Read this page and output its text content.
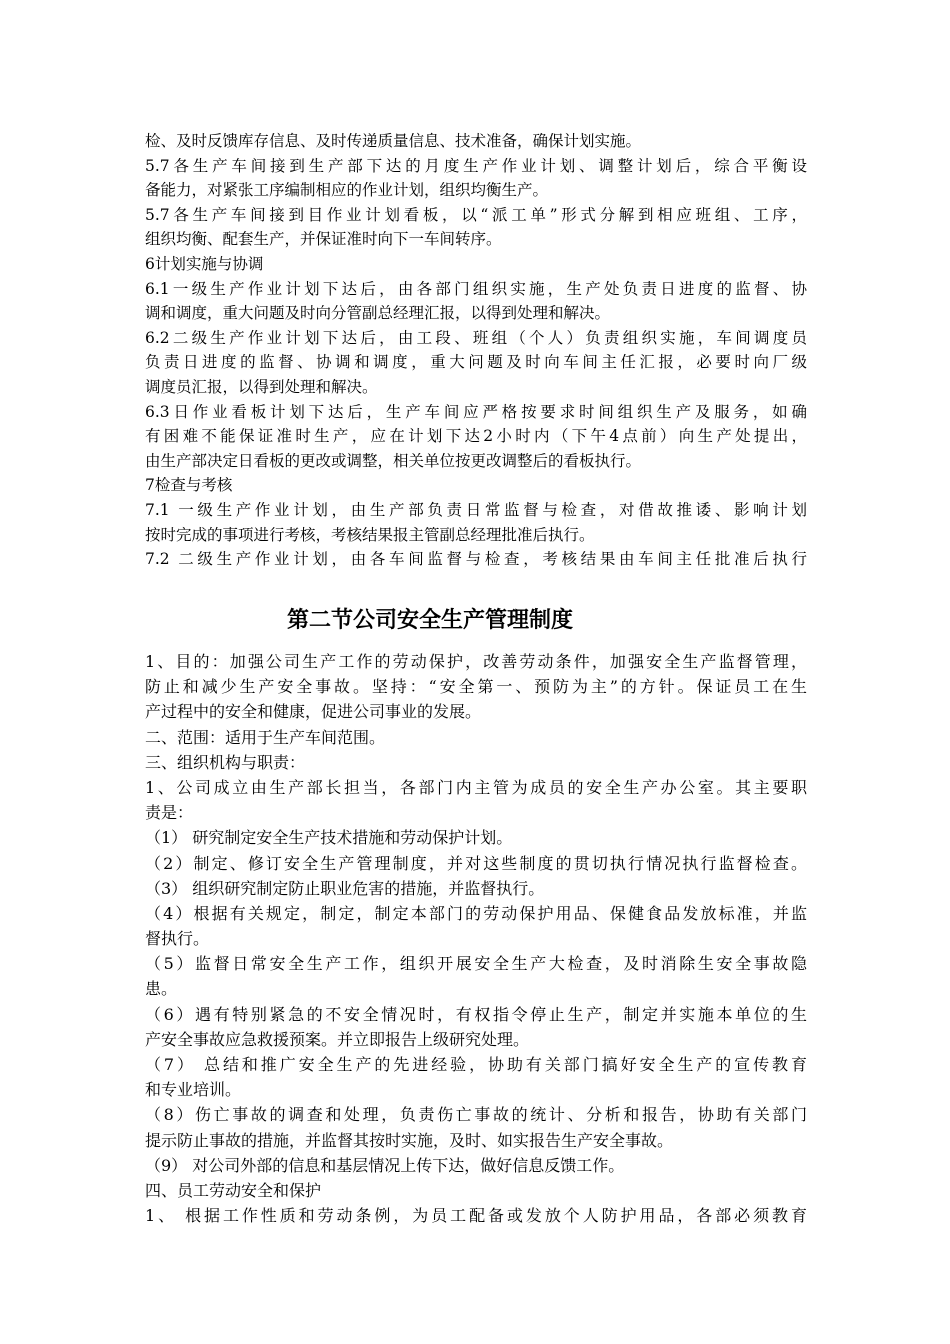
检、及时反馈库存信息、及时传递质量信息、技术准备，确保计划实施。
5.7各生产车间接到生产部下达的月度生产作业计划、调整计划后，综合平衡设
备能力，对紧张工序编制相应的作业计划，组织均衡生产。
5.7各生产车间接到目作业计划看板，以“派工单”形式分解到相应班组、工序，
组织均衡、配套生产，并保证准时向下一车间转序。
6计划实施与协调
6.1一级生产作业计划下达后，由各部门组织实施，生产处负责日进度的监督、协
调和调度，重大问题及时向分管副总经理汇报，以得到处理和解决。
6.2二级生产作业计划下达后，由工段、班组（个人）负责组织实施，车间调度员
负责日进度的监督、协调和调度，重大问题及时向车间主任汇报，必要时向厂级
调度员汇报，以得到处理和解决。
6.3日作业看板计划下达后，生产车间应严格按要求时间组织生产及服务，如确
有困难不能保证准时生产，应在计划下达2小时内（下午4点前）向生产处提出，
由生产部决定日看板的更改或调整，相关单位按更改调整后的看板执行。
7检查与考核
7.1 一级生产作业计划，由生产部负责日常监督与检查，对借故推诿、影响计划
按时完成的事项进行考核，考核结果报主管副总经理批准后执行。
7.2 二级生产作业计划，由各车间监督与检查，考核结果由车间主任批准后执行
第二节公司安全生产管理制度
1、目的：加强公司生产工作的劳动保护，改善劳动条件，加强安全生产监督管理，
防止和减少生产安全事故。坚持：“安全第一、预防为主”的方针。保证员工在生
产过程中的安全和健康，促进公司事业的发展。
二、范围：适用于生产车间范围。
三、组织机构与职责：
1、公司成立由生产部长担当，各部门内主管为成员的安全生产办公室。其主要职
责是：
（1） 研究制定安全生产技术措施和劳动保护计划。
（2）制定、修订安全生产管理制度，并对这些制度的贯切执行情况执行监督检查。
（3） 组织研究制定防止职业危害的措施，并监督执行。
（4）根据有关规定，制定，制定本部门的劳动保护用品、保健食品发放标准，并监
督执行。
（5）监督日常安全生产工作，组织开展安全生产大检查，及时消除生安全事故隐
患。
（6）遇有特别紧急的不安全情况时，有权指令停止生产，制定并实施本单位的生
产安全事故应急救援预案。并立即报告上级研究处理。
（7） 总结和推广安全生产的先进经验，协助有关部门搞好安全生产的宣传教育
和专业培训。
（8）伤亡事故的调查和处理，负责伤亡事故的统计、分析和报告，协助有关部门
提示防止事故的措施，并监督其按时实施，及时、如实报告生产安全事故。
（9） 对公司外部的信息和基层情况上传下达，做好信息反馈工作。
四、员工劳动安全和保护
1、 根据工作性质和劳动条例，为员工配备或发放个人防护用品，各部必须教育
